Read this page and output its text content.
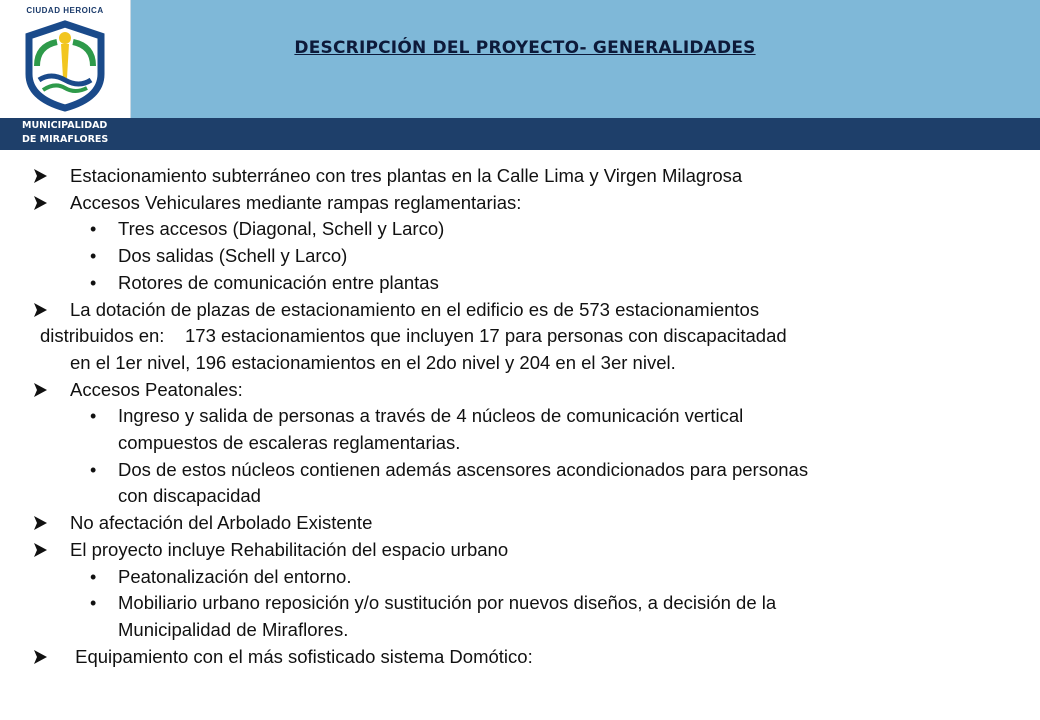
CIUDAD HEROICA
DESCRIPCIÓN DEL PROYECTO- GENERALIDADES
MUNICIPALIDAD
DE MIRAFLORES
Estacionamiento subterráneo con tres plantas en la Calle Lima y Virgen Milagrosa
Accesos Vehiculares mediante rampas reglamentarias:
• Tres accesos (Diagonal, Schell y Larco)
• Dos salidas (Schell y Larco)
• Rotores de comunicación entre plantas
La dotación de plazas de estacionamiento en el edificio es de 573 estacionamientos
distribuidos en:    173 estacionamientos que incluyen 17 para personas con discapacitadad
en el 1er nivel, 196 estacionamientos en el 2do nivel y 204 en el 3er nivel.
Accesos Peatonales:
• Ingreso y salida de personas a través de 4 núcleos de comunicación vertical
compuestos de escaleras reglamentarias.
• Dos de estos núcleos contienen además ascensores acondicionados para personas
con discapacidad
No afectación del Arbolado Existente
El proyecto incluye Rehabilitación del espacio urbano
• Peatonalización del entorno.
• Mobiliario urbano reposición y/o sustitución por nuevos diseños, a decisión de la
Municipalidad de Miraflores.
Equipamiento con el más sofisticado sistema Domótico:
